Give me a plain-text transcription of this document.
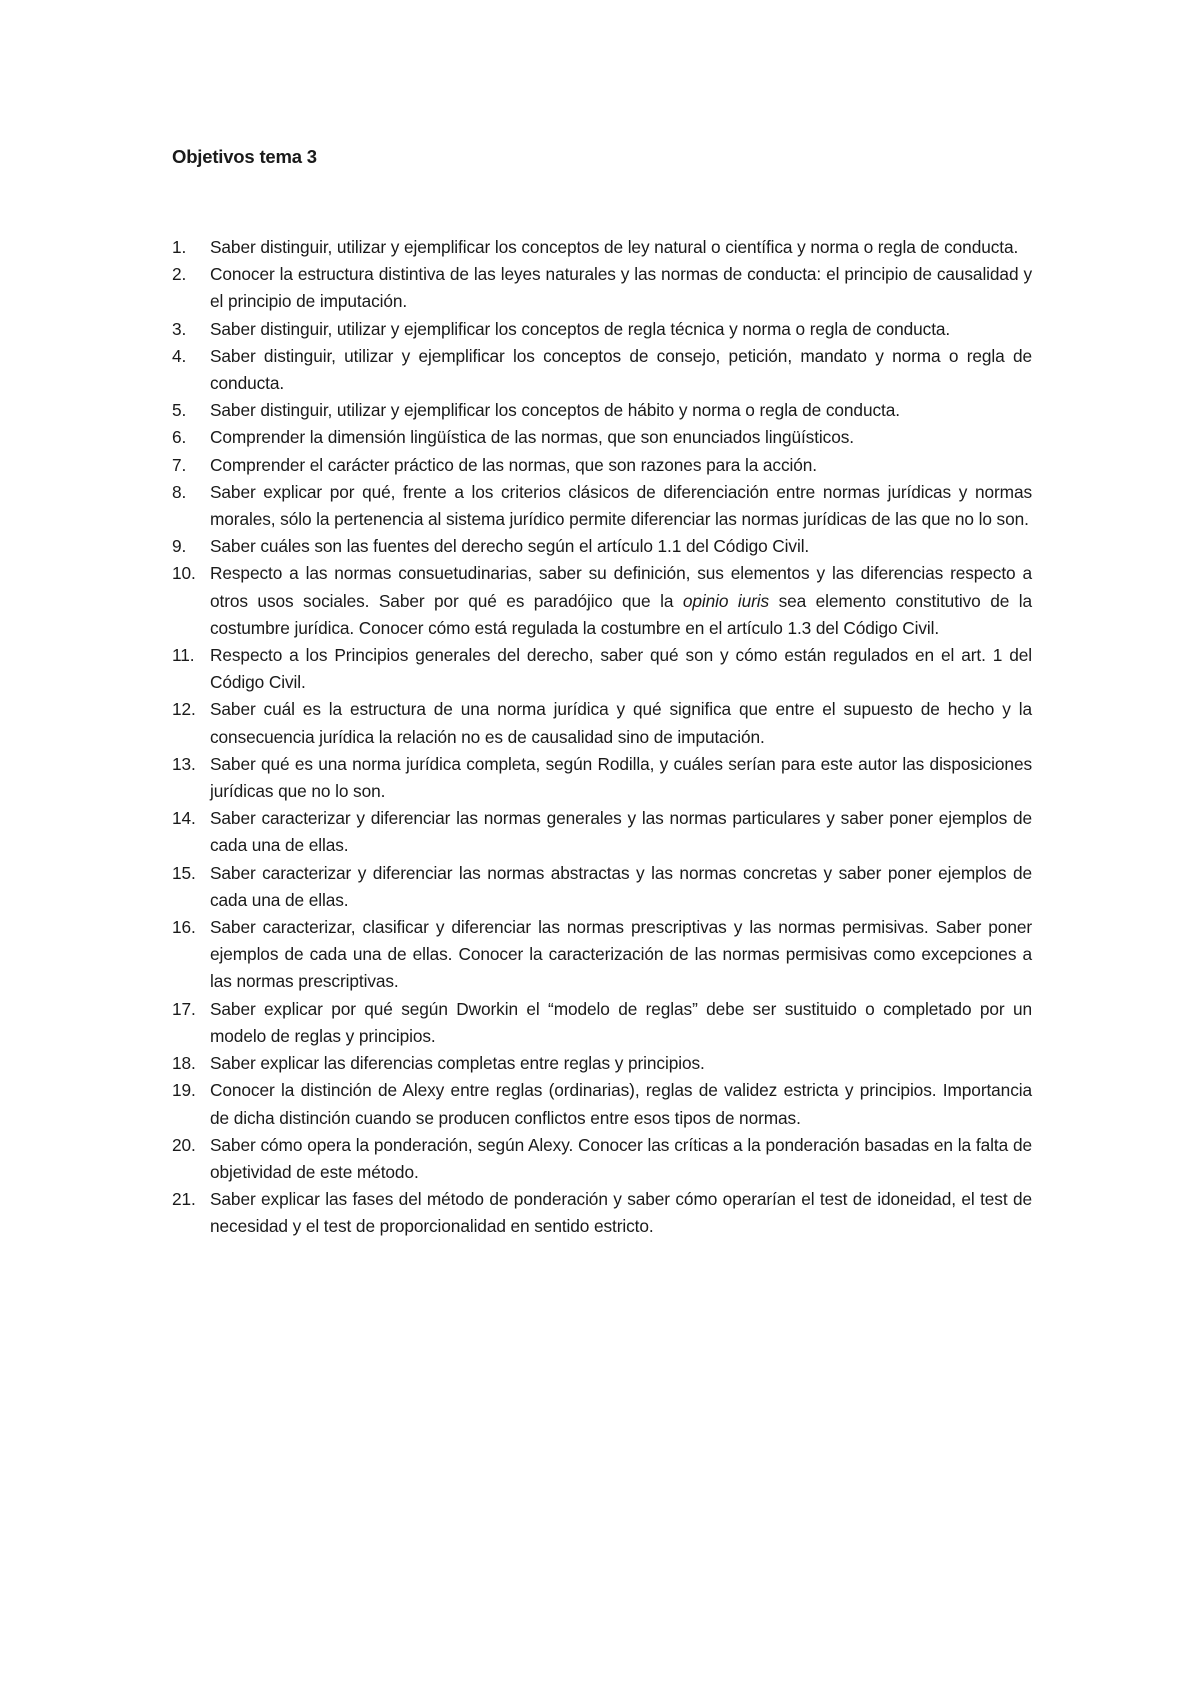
Objetivos tema 3
1. Saber distinguir, utilizar y ejemplificar los conceptos de ley natural o científica y norma o regla de conducta.
2. Conocer la estructura distintiva de las leyes naturales y las normas de conducta: el principio de causalidad y el principio de imputación.
3. Saber distinguir, utilizar y ejemplificar los conceptos de regla técnica y norma o regla de conducta.
4. Saber distinguir, utilizar y ejemplificar los conceptos de consejo, petición, mandato y norma o regla de conducta.
5. Saber distinguir, utilizar y ejemplificar los conceptos de hábito y norma o regla de conducta.
6. Comprender la dimensión lingüística de las normas, que son enunciados lingüísticos.
7. Comprender el carácter práctico de las normas, que son razones para la acción.
8. Saber explicar por qué, frente a los criterios clásicos de diferenciación entre normas jurídicas y normas morales, sólo la pertenencia al sistema jurídico permite diferenciar las normas jurídicas de las que no lo son.
9. Saber cuáles son las fuentes del derecho según el artículo 1.1 del Código Civil.
10. Respecto a las normas consuetudinarias, saber su definición, sus elementos y las diferencias respecto a otros usos sociales. Saber por qué es paradójico que la opinio iuris sea elemento constitutivo de la costumbre jurídica. Conocer cómo está regulada la costumbre en el artículo 1.3 del Código Civil.
11. Respecto a los Principios generales del derecho, saber qué son y cómo están regulados en el art. 1 del Código Civil.
12. Saber cuál es la estructura de una norma jurídica y qué significa que entre el supuesto de hecho y la consecuencia jurídica la relación no es de causalidad sino de imputación.
13. Saber qué es una norma jurídica completa, según Rodilla, y cuáles serían para este autor las disposiciones jurídicas que no lo son.
14. Saber caracterizar y diferenciar las normas generales y las normas particulares y saber poner ejemplos de cada una de ellas.
15. Saber caracterizar y diferenciar las normas abstractas y las normas concretas y saber poner ejemplos de cada una de ellas.
16. Saber caracterizar, clasificar y diferenciar las normas prescriptivas y las normas permisivas. Saber poner ejemplos de cada una de ellas. Conocer la caracterización de las normas permisivas como excepciones a las normas prescriptivas.
17. Saber explicar por qué según Dworkin el “modelo de reglas” debe ser sustituido o completado por un modelo de reglas y principios.
18. Saber explicar las diferencias completas entre reglas y principios.
19. Conocer la distinción de Alexy entre reglas (ordinarias), reglas de validez estricta y principios. Importancia de dicha distinción cuando se producen conflictos entre esos tipos de normas.
20. Saber cómo opera la ponderación, según Alexy. Conocer las críticas a la ponderación basadas en la falta de objetividad de este método.
21. Saber explicar las fases del método de ponderación y saber cómo operarían el test de idoneidad, el test de necesidad y el test de proporcionalidad en sentido estricto.
